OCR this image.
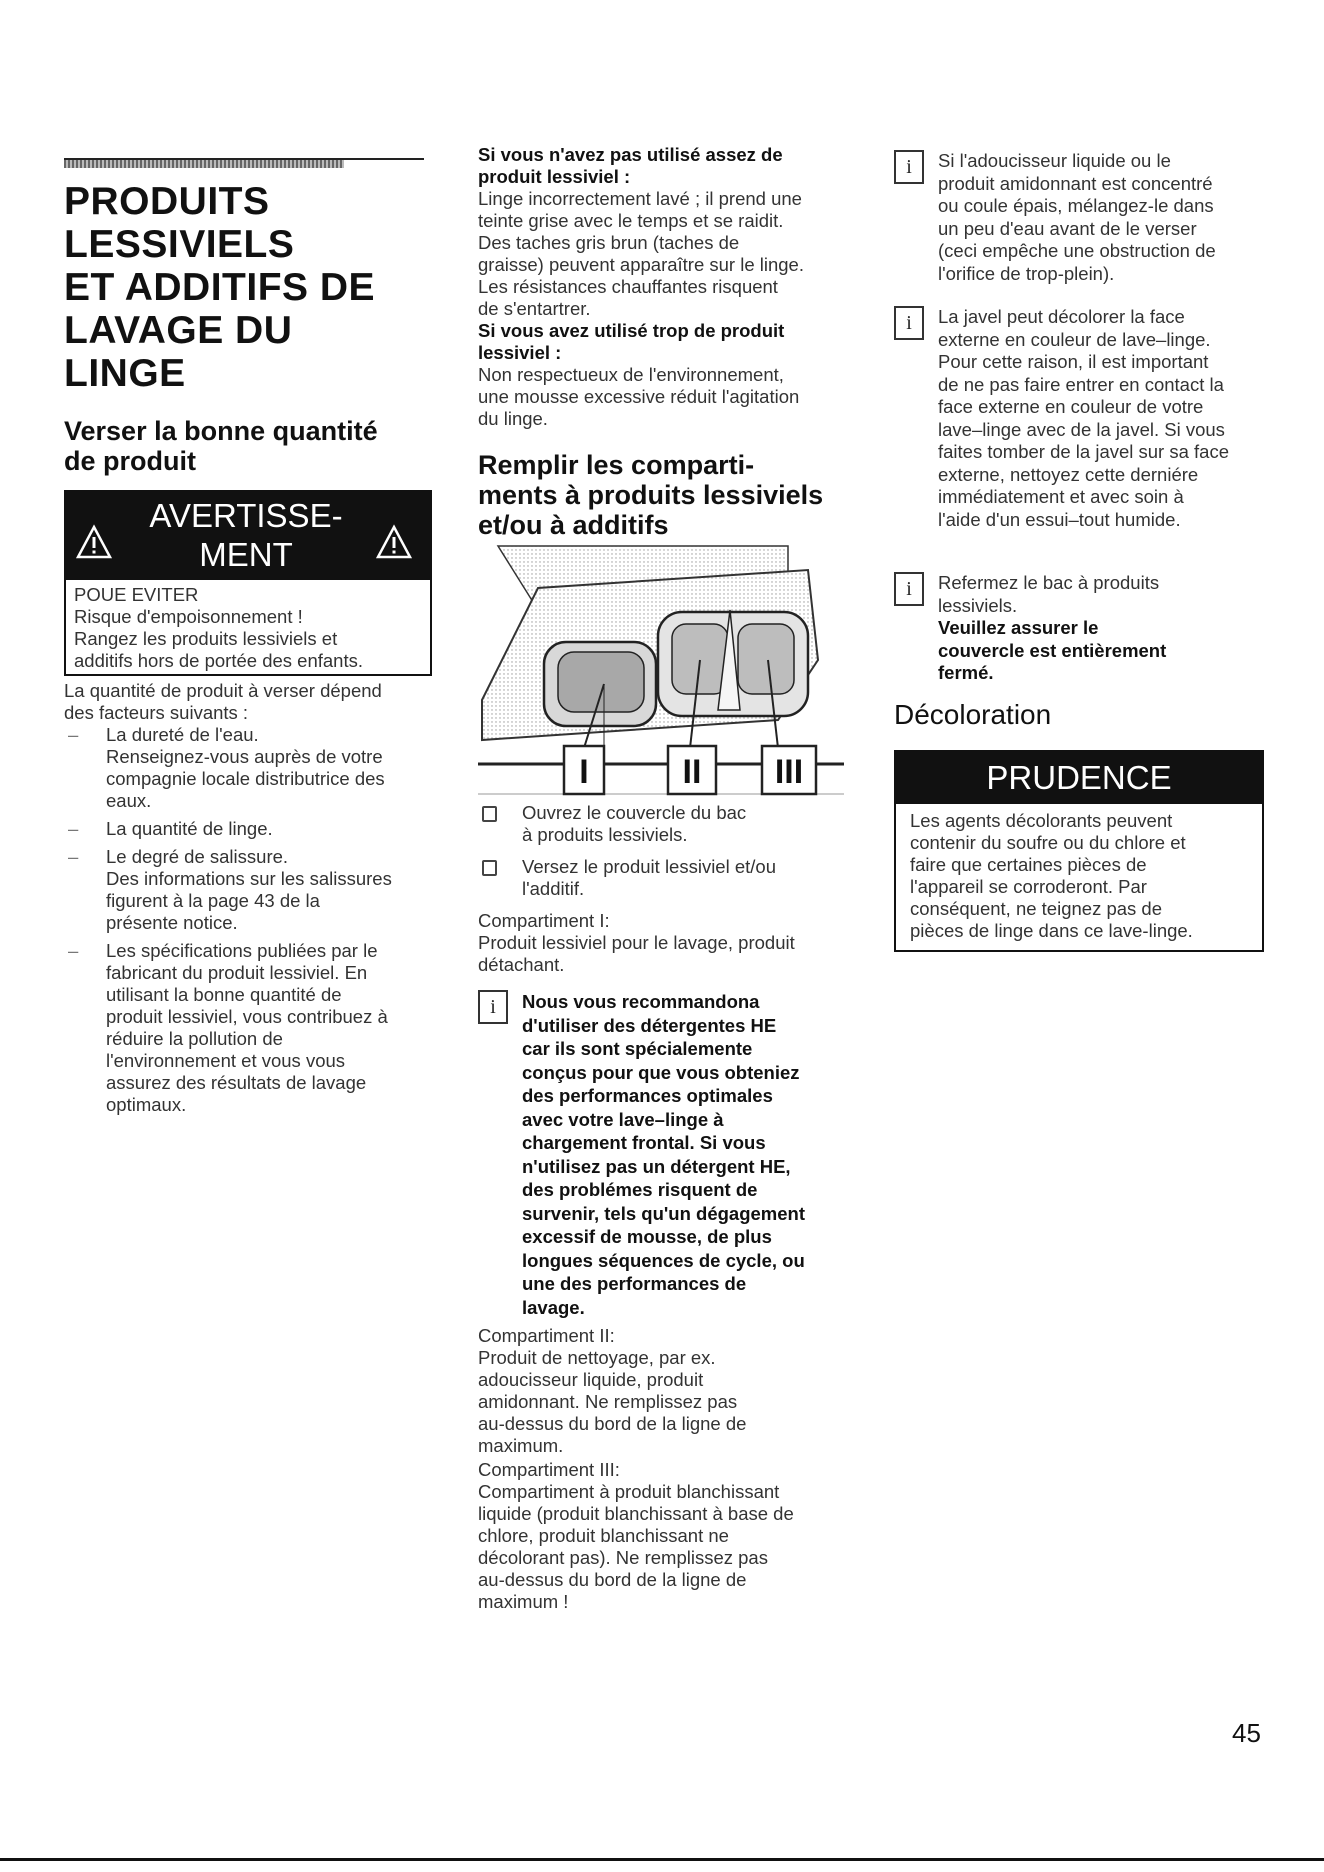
PRODUITS
LESSIVIELS
ET ADDITIFS DE
LAVAGE DU
LINGE
Verser la bonne quantité
de produit
AVERTISSE-
MENT

POUE EVITER
Risque d'empoisonnement !
Rangez les produits lessiviels et
additifs hors de portée des enfants.

La quantité de produit à verser dépend
des facteurs suivants :

– La dureté de l'eau.
Renseignez-vous auprès de votre
compagnie locale distributrice des
eaux.
– La quantité de linge.
– Le degré de salissure.
Des informations sur les salissures
figurent à la page 43 de la
présente notice.
– Les spécifications publiées par le
fabricant du produit lessiviel. En
utilisant la bonne quantité de
produit lessiviel, vous contribuez à
réduire la pollution de
l'environnement et vous vous
assurez des résultats de lavage
optimaux.

Si vous n'avez pas utilisé assez de
produit lessiviel :

Linge incorrectement lavé ; il prend une
teinte grise avec le temps et se raidit.
Des taches gris brun (taches de
graisse) peuvent apparaître sur le linge.
Les résistances chauffantes risquent
de s'entartrer.

Si vous avez utilisé trop de produit
lessiviel :

Non respectueux de l'environnement,
une mousse excessive réduit l'agitation
du linge.

Remplir les comparti-
ments à produits lessiviels
et/ou à additifs
I	II III
Ouvrez le couvercle du bac
à produits lessiviels.
Versez le produit lessiviel et/ou
l'additif.

Compartiment I:
Produit lessiviel pour le lavage, produit
détachant.

i	Nous vous recommandona
d'utiliser des détergentes HE
car ils sont spécialemente
conçus pour que vous obteniez
des performances optimales
avec votre lave–linge à
chargement frontal. Si vous
n'utilisez pas un détergent HE,
des problémes risquent de
survenir, tels qu'un dégagement
excessif de mousse, de plus
longues séquences de cycle, ou
une des performances de
lavage.

Compartiment II:
Produit de nettoyage, par ex.
adoucisseur liquide, produit
amidonnant. Ne remplissez pas
au-dessus du bord de la ligne de
maximum.

Compartiment III:
Compartiment à produit blanchissant
liquide (produit blanchissant à base de
chlore, produit blanchissant ne
décolorant pas). Ne remplissez pas
au-dessus du bord de la ligne de
maximum !

i	Si l'adoucisseur liquide ou le
produit amidonnant est concentré
ou coule épais, mélangez-le dans
un peu d'eau avant de le verser
(ceci empêche une obstruction de
l'orifice de trop-plein).
i	La javel peut décolorer la face
externe en couleur de lave–linge.
Pour cette raison, il est important
de ne pas faire entrer en contact la
face externe en couleur de votre
lave–linge avec de la javel. Si vous
faites tomber de la javel sur sa face
externe, nettoyez cette derniére
immédiatement et avec soin à
l'aide d'un essui–tout humide.
i	Refermez le bac à produits
lessiviels.
Veuillez assurer le
couvercle est entièrement
fermé.
Décoloration
PRUDENCE

Les agents décolorants peuvent
contenir du soufre ou du chlore et
faire que certaines pièces de
l'appareil se corroderont. Par
conséquent, ne teignez pas de
pièces de linge dans ce lave-linge.

45
